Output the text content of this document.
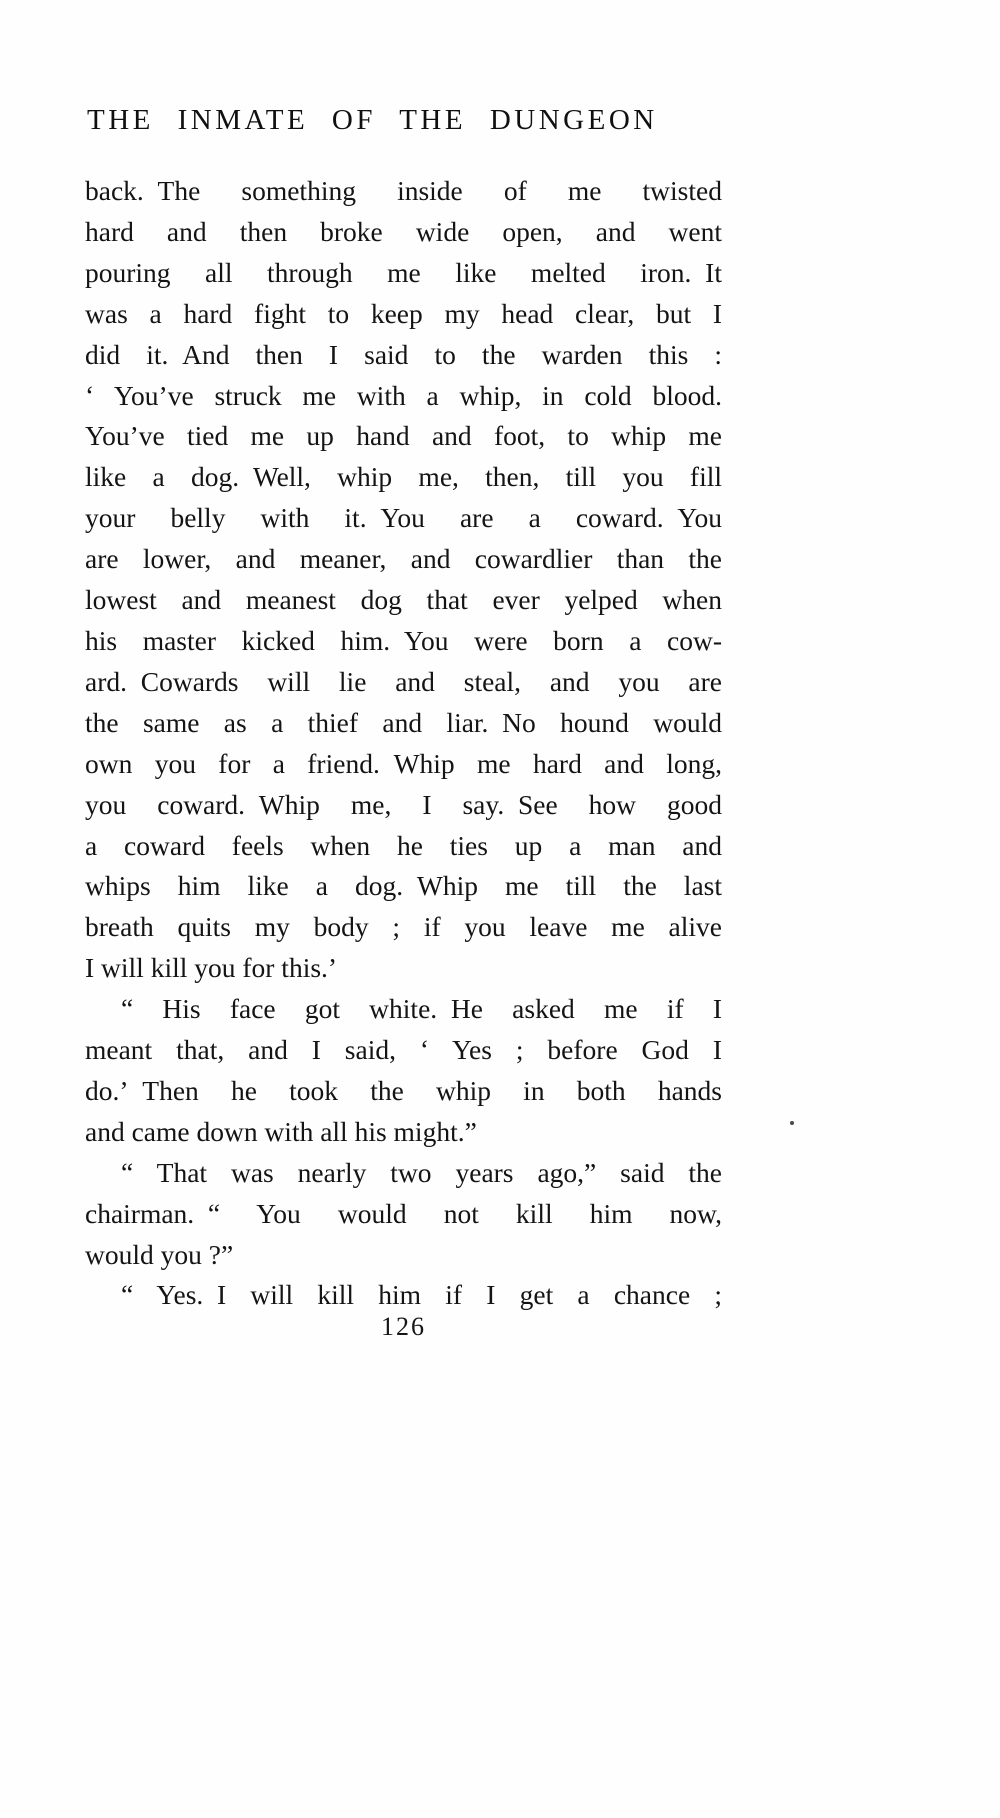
THE INMATE OF THE DUNGEON
back. The something inside of me twisted
hard and then broke wide open, and went
pouring all through me like melted iron. It
was a hard fight to keep my head clear, but I
did it. And then I said to the warden this :
‘ You’ve struck me with a whip, in cold blood.
You’ve tied me up hand and foot, to whip me
like a dog. Well, whip me, then, till you fill
your belly with it. You are a coward. You
are lower, and meaner, and cowardlier than the
lowest and meanest dog that ever yelped when
his master kicked him. You were born a cow-
ard. Cowards will lie and steal, and you are
the same as a thief and liar. No hound would
own you for a friend. Whip me hard and long,
you coward. Whip me, I say. See how good
a coward feels when he ties up a man and
whips him like a dog. Whip me till the last
breath quits my body ; if you leave me alive
I will kill you for this.’
“ His face got white. He asked me if I
meant that, and I said, ‘ Yes ; before God I
do.’ Then he took the whip in both hands
and came down with all his might.”
“ That was nearly two years ago,” said the
chairman. “ You would not kill him now,
would you ?”
“ Yes. I will kill him if I get a chance ;
126
